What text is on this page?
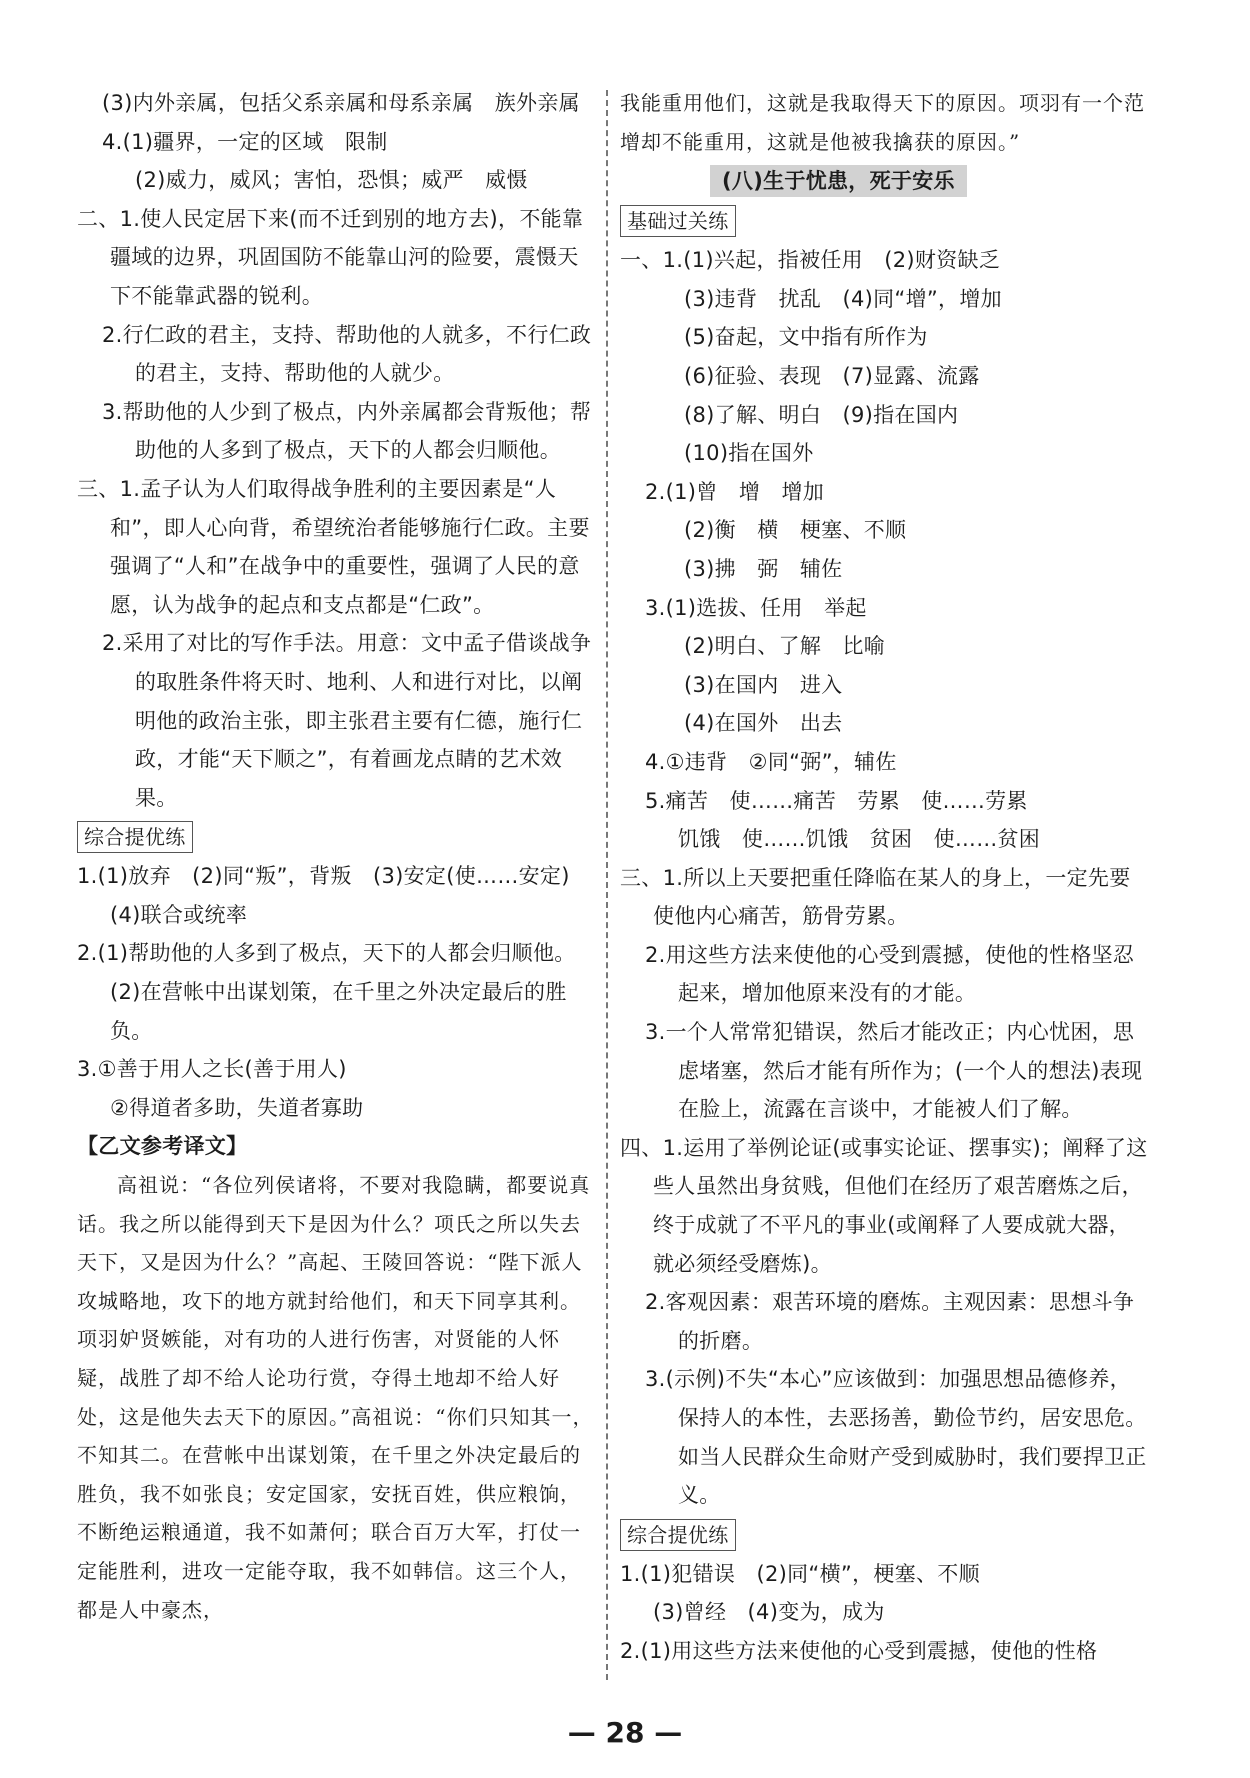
(3)内外亲属，包括父系亲属和母系亲属　族外亲属
4.(1)疆界，一定的区域　限制
(2)威力，威风；害怕，恐惧；威严　威慑
二、1.使人民定居下来(而不迁到别的地方去)，不能靠疆域的边界，巩固国防不能靠山河的险要，震慑天下不能靠武器的锐利。
2.行仁政的君主，支持、帮助他的人就多，不行仁政的君主，支持、帮助他的人就少。
3.帮助他的人少到了极点，内外亲属都会背叛他；帮助他的人多到了极点，天下的人都会归顺他。
三、1.孟子认为人们取得战争胜利的主要因素是“人和”，即人心向背，希望统治者能够施行仁政。主要强调了“人和”在战争中的重要性，强调了人民的意愿，认为战争的起点和支点都是“仁政”。
2.采用了对比的写作手法。用意：文中孟子借谈战争的取胜条件将天时、地利、人和进行对比，以阐明他的政治主张，即主张君主要有仁德，施行仁政，才能“天下顺之”，有着画龙点睛的艺术效果。
综合提优练
1.(1)放弃　(2)同“叛”，背叛　(3)安定(使……安定)　(4)联合或统率
2.(1)帮助他的人多到了极点，天下的人都会归顺他。
(2)在营帐中出谋划策，在千里之外决定最后的胜负。
3.①善于用人之长(善于用人)
②得道者多助，失道者寡助
【乙文参考译文】
高祖说：“各位列侯诸将，不要对我隐瞒，都要说真话。我之所以能得到天下是因为什么？项氏之所以失去天下，又是因为什么？”高起、王陵回答说：“陛下派人攻城略地，攻下的地方就封给他们，和天下同享其利。项羽妒贤嫉能，对有功的人进行伤害，对贤能的人怀疑，战胜了却不给人论功行赏，夺得土地却不给人好处，这是他失去天下的原因。”高祖说：“你们只知其一，不知其二。在营帐中出谋划策，在千里之外决定最后的胜负，我不如张良；安定国家，安抚百姓，供应粮饷，不断绝运粮通道，我不如萧何；联合百万大军，打仗一定能胜利，进攻一定能夺取，我不如韩信。这三个人，都是人中豪杰，
我能重用他们，这就是我取得天下的原因。项羽有一个范增却不能重用，这就是他被我擒获的原因。”
(八)生于忧患，死于安乐
基础过关练
一、1.(1)兴起，指被任用　(2)财资缺乏
(3)违背　扰乱　(4)同“增”，增加
(5)奋起，文中指有所作为
(6)征验、表现　(7)显露、流露
(8)了解、明白　(9)指在国内
(10)指在国外
2.(1)曾　增　增加
(2)衡　横　梗塞、不顺
(3)拂　弼　辅佐
3.(1)选拔、任用　举起
(2)明白、了解　比喻
(3)在国内　进入
(4)在国外　出去
4.①违背　②同“弼”，辅佐
5.痛苦　使……痛苦　劳累　使……劳累
饥饿　使……饥饿　贫困　使……贫困
三、1.所以上天要把重任降临在某人的身上，一定先要使他内心痛苦，筋骨劳累。
2.用这些方法来使他的心受到震撼，使他的性格坚忍起来，增加他原来没有的才能。
3.一个人常常犯错误，然后才能改正；内心忧困，思虑堵塞，然后才能有所作为；(一个人的想法)表现在脸上，流露在言谈中，才能被人们了解。
四、1.运用了举例论证(或事实论证、摆事实)；阐释了这些人虽然出身贫贱，但他们在经历了艰苦磨炼之后，终于成就了不平凡的事业(或阐释了人要成就大器，就必须经受磨炼)。
2.客观因素：艰苦环境的磨炼。主观因素：思想斗争的折磨。
3.(示例)不失“本心”应该做到：加强思想品德修养，保持人的本性，去恶扬善，勤俭节约，居安思危。如当人民群众生命财产受到威胁时，我们要捍卫正义。
综合提优练
1.(1)犯错误　(2)同“横”，梗塞、不顺
(3)曾经　(4)变为，成为
2.(1)用这些方法来使他的心受到震撼，使他的性格
— 28 —
